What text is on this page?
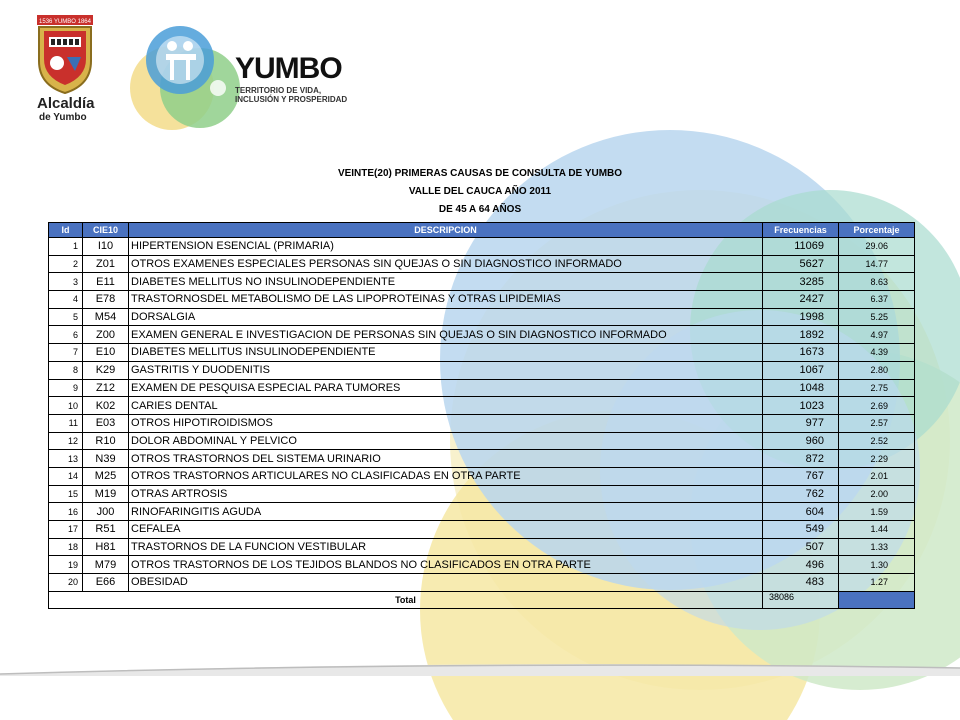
1536 YUMBO 1864
Alcaldía
de Yumbo
YUMBO
TERRITORIO DE VIDA, INCLUSIÓN Y PROSPERIDAD
VEINTE(20) PRIMERAS CAUSAS DE CONSULTA DE YUMBO
VALLE DEL CAUCA AÑO 2011
DE 45 A 64 AÑOS
Id	CIE10	DESCRIPCION	Frecuencias	Porcentaje
1	I10	HIPERTENSION ESENCIAL (PRIMARIA)	11069	29.06
2	Z01	OTROS EXAMENES ESPECIALES PERSONAS SIN QUEJAS O SIN DIAGNOSTICO INFORMADO	5627	14.77
3	E11	DIABETES MELLITUS NO INSULINODEPENDIENTE	3285	8.63
4	E78	TRASTORNOSDEL METABOLISMO DE LAS LIPOPROTEINAS Y OTRAS LIPIDEMIAS	2427	6.37
5	M54	DORSALGIA	1998	5.25
6	Z00	EXAMEN GENERAL E INVESTIGACION DE PERSONAS SIN QUEJAS O SIN DIAGNOSTICO INFORMADO	1892	4.97
7	E10	DIABETES MELLITUS INSULINODEPENDIENTE	1673	4.39
8	K29	GASTRITIS Y DUODENITIS	1067	2.80
9	Z12	EXAMEN DE PESQUISA ESPECIAL PARA TUMORES	1048	2.75
10	K02	CARIES DENTAL	1023	2.69
11	E03	OTROS HIPOTIROIDISMOS	977	2.57
12	R10	DOLOR ABDOMINAL Y PELVICO	960	2.52
13	N39	OTROS TRASTORNOS DEL SISTEMA URINARIO	872	2.29
14	M25	OTROS TRASTORNOS ARTICULARES NO CLASIFICADAS EN OTRA PARTE	767	2.01
15	M19	OTRAS ARTROSIS	762	2.00
16	J00	RINOFARINGITIS AGUDA	604	1.59
17	R51	CEFALEA	549	1.44
18	H81	TRASTORNOS DE LA FUNCION VESTIBULAR	507	1.33
19	M79	OTROS TRASTORNOS DE LOS TEJIDOS BLANDOS NO CLASIFICADOS EN OTRA PARTE	496	1.30
20	E66	OBESIDAD	483	1.27
Total			38086	
